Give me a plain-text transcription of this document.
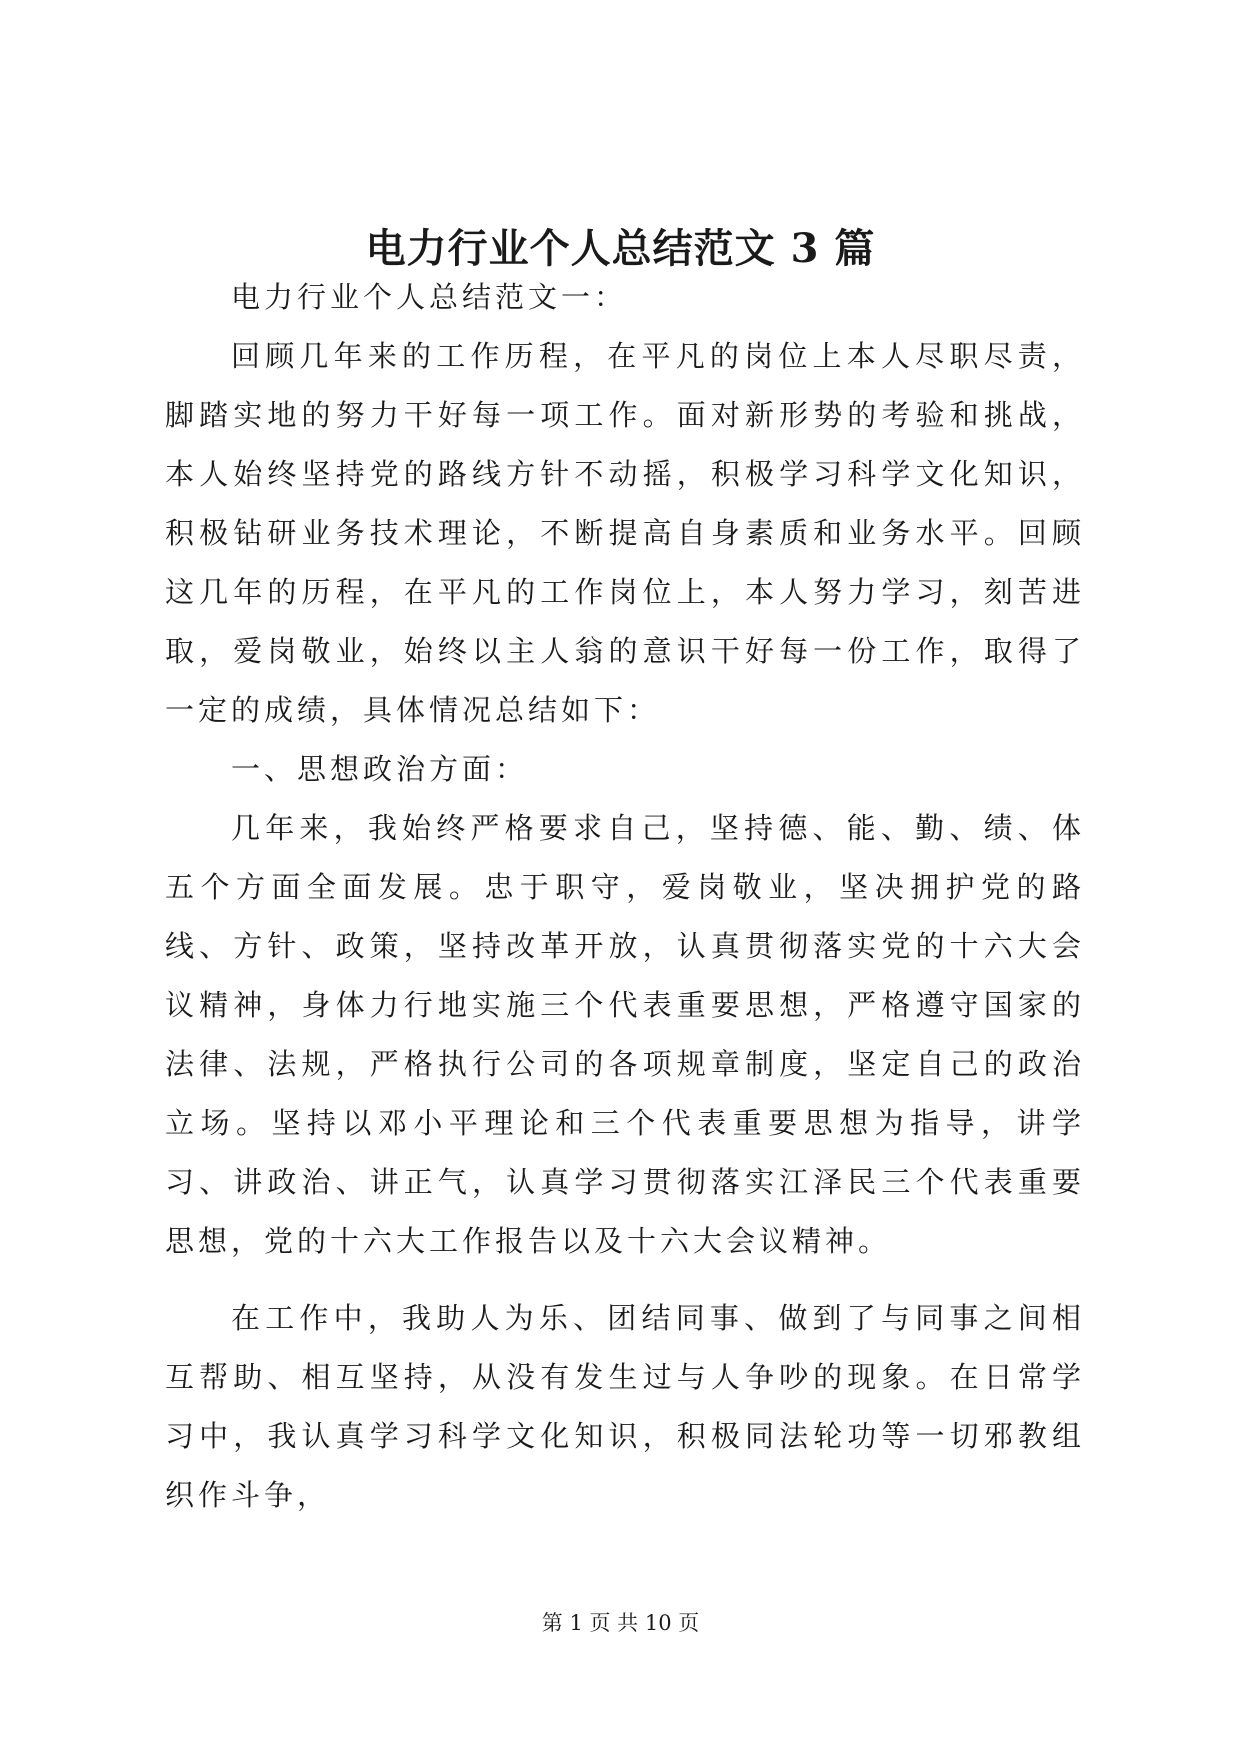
电力行业个人总结范文 3 篇

电力行业个人总结范文一：

回顾几年来的工作历程，在平凡的岗位上本人尽职尽责，脚踏实地的努力干好每一项工作。面对新形势的考验和挑战，本人始终坚持党的路线方针不动摇，积极学习科学文化知识，积极钻研业务技术理论，不断提高自身素质和业务水平。回顾这几年的历程，在平凡的工作岗位上，本人努力学习，刻苦进取，爱岗敬业，始终以主人翁的意识干好每一份工作，取得了一定的成绩，具体情况总结如下：

一、思想政治方面：

几年来，我始终严格要求自己，坚持德、能、勤、绩、体五个方面全面发展。忠于职守，爱岗敬业，坚决拥护党的路线、方针、政策，坚持改革开放，认真贯彻落实党的十六大会议精神，身体力行地实施三个代表重要思想，严格遵守国家的法律、法规，严格执行公司的各项规章制度，坚定自己的政治立场。坚持以邓小平理论和三个代表重要思想为指导，讲学习、讲政治、讲正气，认真学习贯彻落实江泽民三个代表重要思想，党的十六大工作报告以及十六大会议精神。

在工作中，我助人为乐、团结同事、做到了与同事之间相互帮助、相互坚持，从没有发生过与人争吵的现象。在日常学习中，我认真学习科学文化知识，积极同法轮功等一切邪教组织作斗争，

第 1 页 共 10 页
